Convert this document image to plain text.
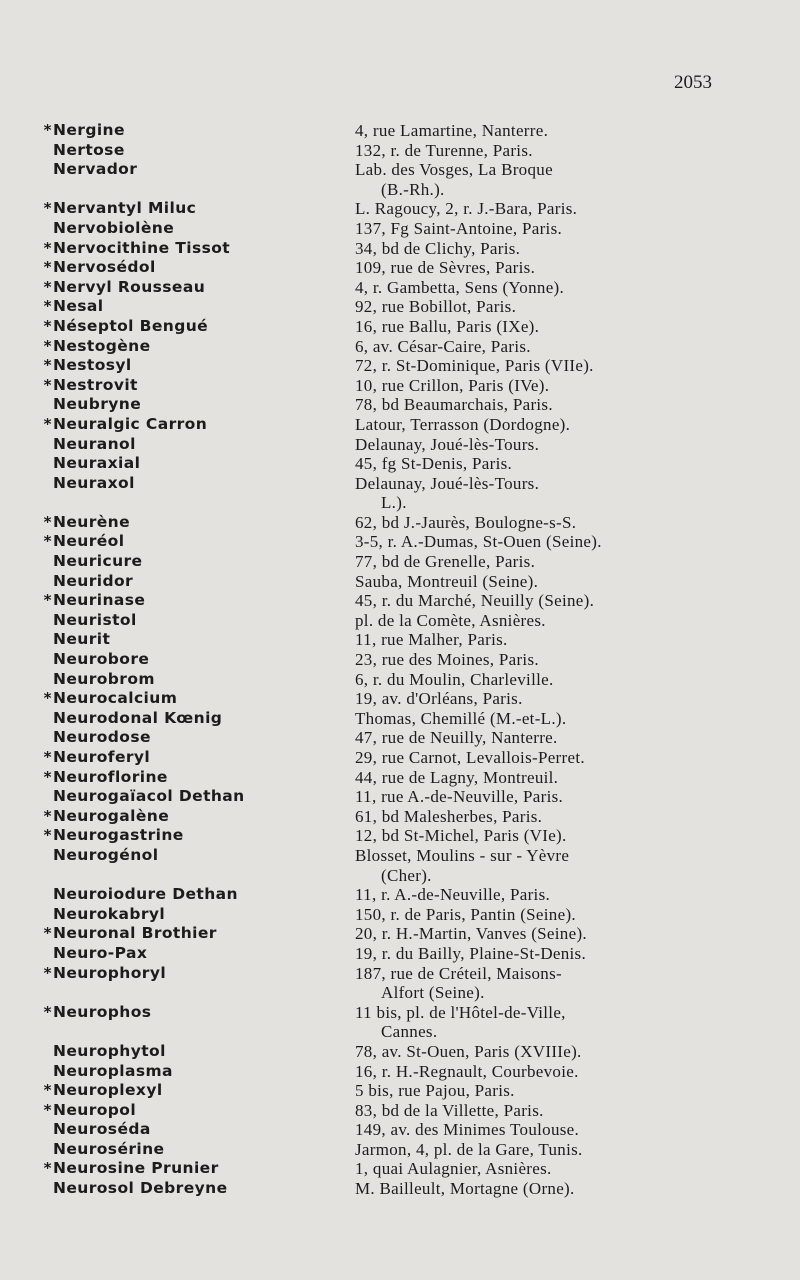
2053
* Nergine	4, rue Lamartine, Nanterre.
Nertose	132, r. de Turenne, Paris.
Nervador	Lab. des Vosges, La Broque
(B.-Rh.).
* Nervantyl Miluc	L. Ragoucy, 2, r. J.-Bara, Paris.
Nervobiolène	137, Fg Saint-Antoine, Paris.
* Nervocithine Tissot	34, bd de Clichy, Paris.
* Nervosédol	109, rue de Sèvres, Paris.
* Nervyl Rousseau	4, r. Gambetta, Sens (Yonne).
* Nesal	92, rue Bobillot, Paris.
* Néseptol Bengué	16, rue Ballu, Paris (IXe).
* Nestogène	6, av. César-Caire, Paris.
* Nestosyl	72, r. St-Dominique, Paris (VIIe).
* Nestrovit	10, rue Crillon, Paris (IVe).
Neubryne	78, bd Beaumarchais, Paris.
* Neuralgic Carron	Latour, Terrasson (Dordogne).
Neuranol	Delaunay, Joué-lès-Tours.
Neuraxial	45, fg St-Denis, Paris.
Neuraxol	Delaunay, Joué-lès-Tours.
L.).
* Neurène	62, bd J.-Jaurès, Boulogne-s-S.
* Neuréol	3-5, r. A.-Dumas, St-Ouen (Seine).
Neuricure	77, bd de Grenelle, Paris.
Neuridor	Sauba, Montreuil (Seine).
* Neurinase	45, r. du Marché, Neuilly (Seine).
Neuristol	pl. de la Comète, Asnières.
Neurit	11, rue Malher, Paris.
Neurobore	23, rue des Moines, Paris.
Neurobrom	6, r. du Moulin, Charleville.
* Neurocalcium	19, av. d'Orléans, Paris.
Neurodonal Kœnig	Thomas, Chemillé (M.-et-L.).
Neurodose	47, rue de Neuilly, Nanterre.
* Neuroferyl	29, rue Carnot, Levallois-Perret.
* Neuroflorine	44, rue de Lagny, Montreuil.
Neurogaïacol Dethan	11, rue A.-de-Neuville, Paris.
* Neurogalène	61, bd Malesherbes, Paris.
* Neurogastrine	12, bd St-Michel, Paris (VIe).
Neurogénol	Blosset, Moulins - sur - Yèvre
(Cher).
Neuroiodure Dethan	11, r. A.-de-Neuville, Paris.
Neurokabryl	150, r. de Paris, Pantin (Seine).
* Neuronal Brothier	20, r. H.-Martin, Vanves (Seine).
Neuro-Pax	19, r. du Bailly, Plaine-St-Denis.
* Neurophoryl	187, rue de Créteil, Maisons-
Alfort (Seine).
* Neurophos	11 bis, pl. de l'Hôtel-de-Ville,
Cannes.
Neurophytol	78, av. St-Ouen, Paris (XVIIIe).
Neuroplasma	16, r. H.-Regnault, Courbevoie.
* Neuroplexyl	5 bis, rue Pajou, Paris.
* Neuropol	83, bd de la Villette, Paris.
Neuroséda	149, av. des Minimes Toulouse.
Neurosérine	Jarmon, 4, pl. de la Gare, Tunis.
* Neurosine Prunier	1, quai Aulagnier, Asnières.
Neurosol Debreyne	M. Bailleult, Mortagne (Orne).
